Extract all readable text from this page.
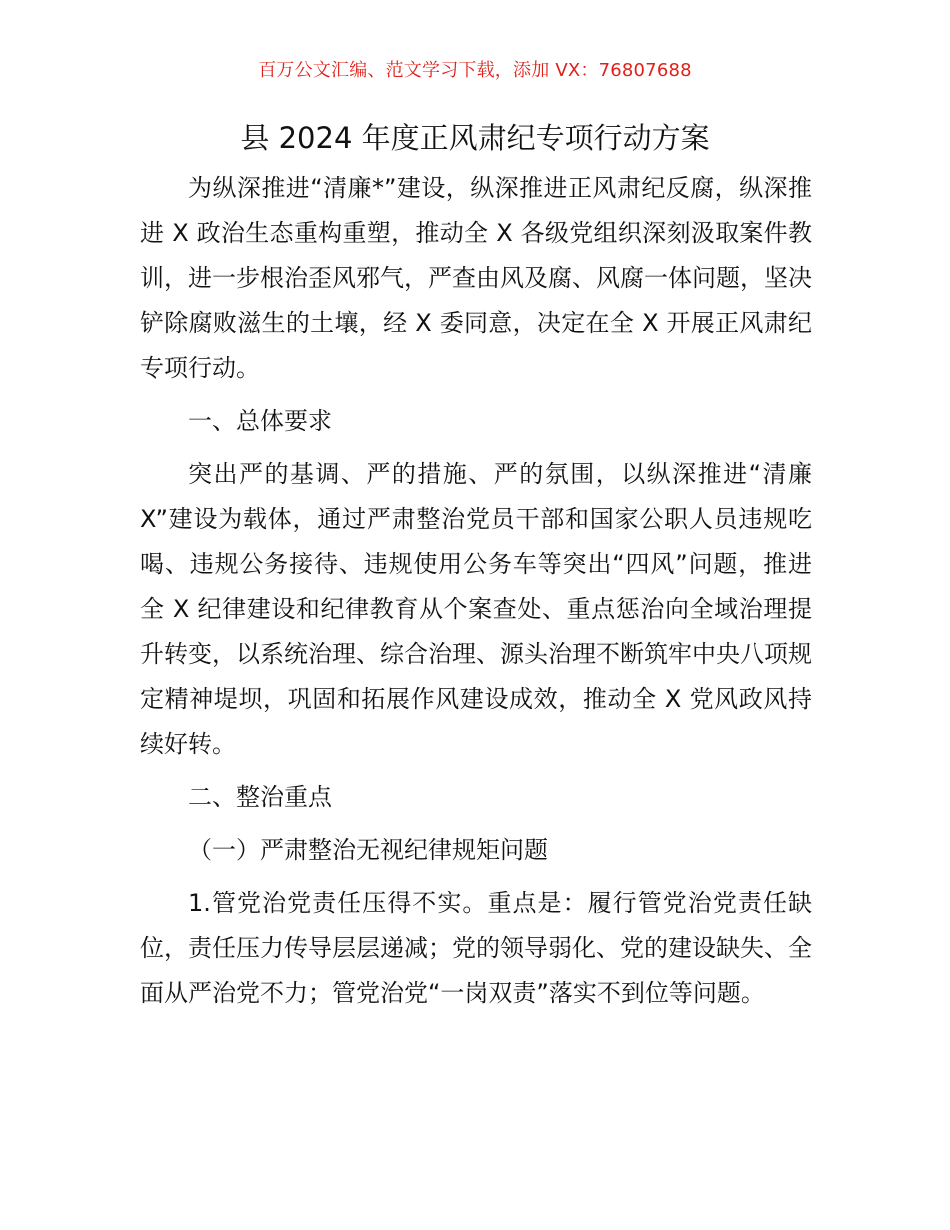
百万公文汇编、范文学习下载，添加 VX：76807688
县 2024 年度正风肃纪专项行动方案

为纵深推进“清廉*”建设，纵深推进正风肃纪反腐，纵深推进 X 政治生态重构重塑，推动全 X 各级党组织深刻汲取案件教训，进一步根治歪风邪气，严查由风及腐、风腐一体问题，坚决铲除腐败滋生的土壤，经 X 委同意，决定在全 X 开展正风肃纪专项行动。

一、总体要求

突出严的基调、严的措施、严的氛围，以纵深推进“清廉 X”建设为载体，通过严肃整治党员干部和国家公职人员违规吃喝、违规公务接待、违规使用公务车等突出“四风”问题，推进全 X 纪律建设和纪律教育从个案查处、重点惩治向全域治理提升转变，以系统治理、综合治理、源头治理不断筑牢中央八项规定精神堤坝，巩固和拓展作风建设成效，推动全 X 党风政风持续好转。

二、整治重点

（一）严肃整治无视纪律规矩问题

1.管党治党责任压得不实。重点是：履行管党治党责任缺位，责任压力传导层层递减；党的领导弱化、党的建设缺失、全面从严治党不力；管党治党“一岗双责”落实不到位等问题。
